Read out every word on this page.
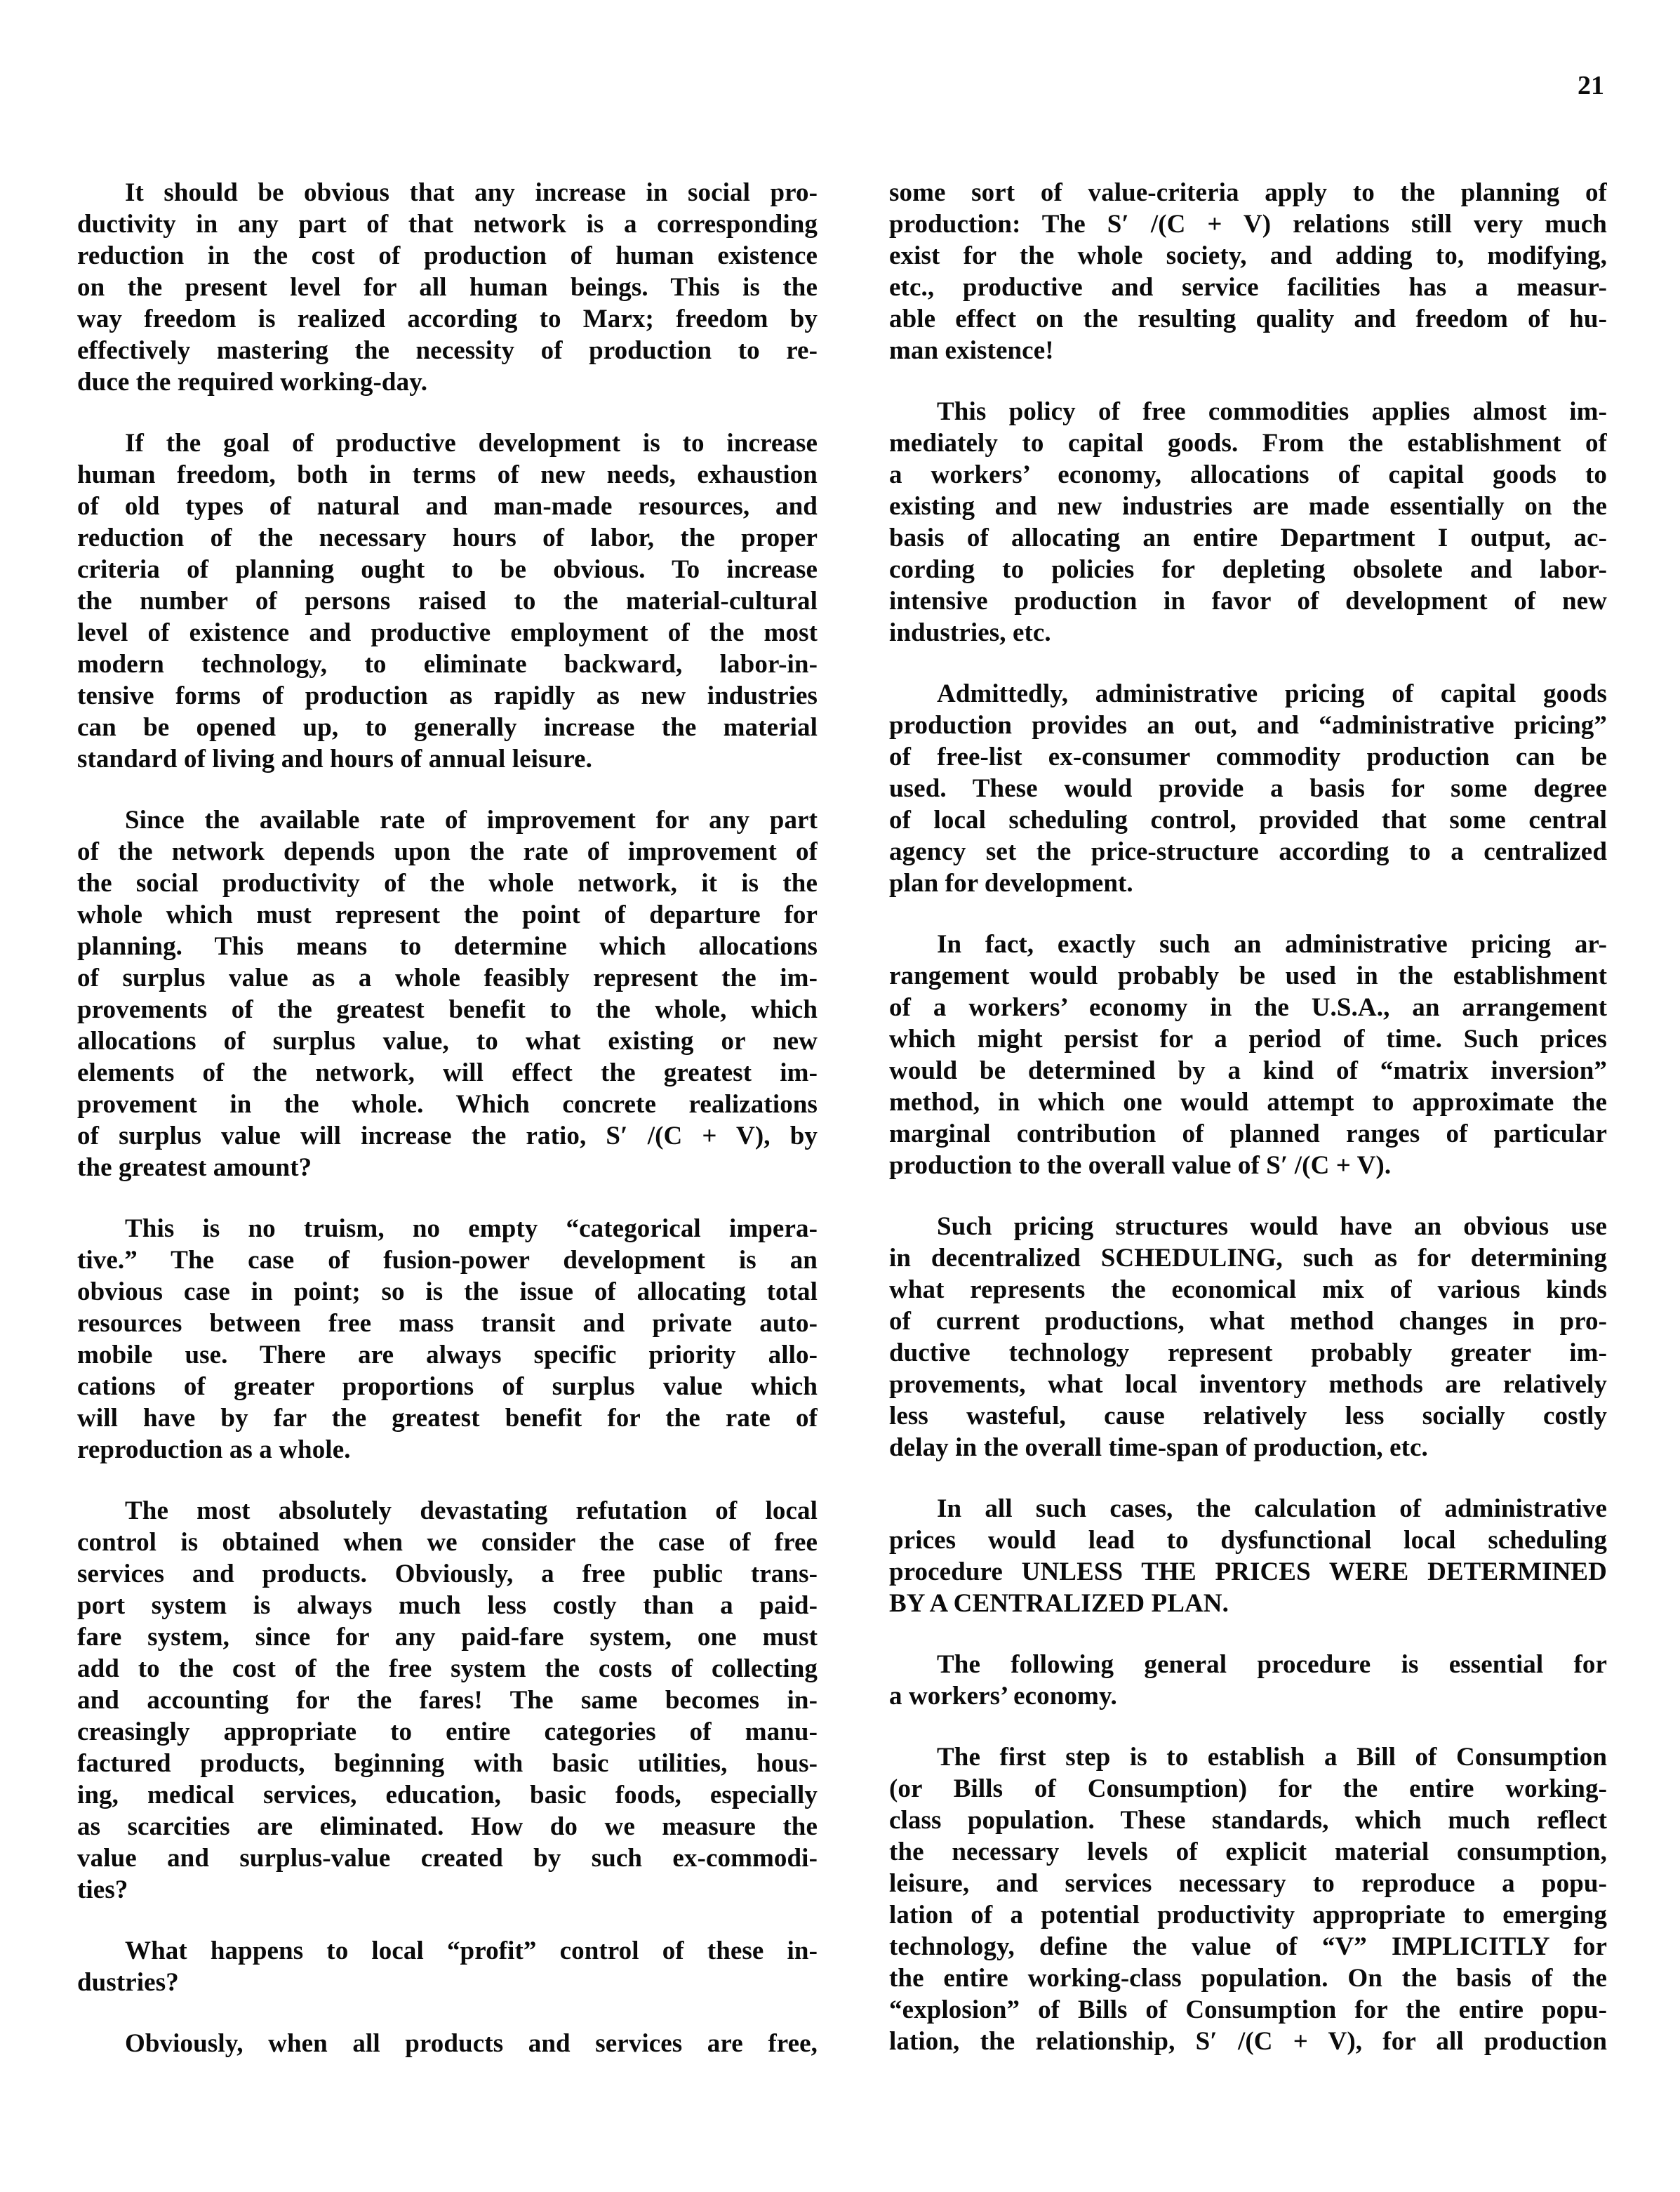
21
It should be obvious that any increase in social pro-
ductivity in any part of that network is a corresponding
reduction in the cost of production of human existence
on the present level for all human beings. This is the
way freedom is realized according to Marx; freedom by
effectively mastering the necessity of production to re-
duce the required working-day.
If the goal of productive development is to increase
human freedom, both in terms of new needs, exhaustion
of old types of natural and man-made resources, and
reduction of the necessary hours of labor, the proper
criteria of planning ought to be obvious. To increase
the number of persons raised to the material-cultural
level of existence and productive employment of the most
modern technology, to eliminate backward, labor-in-
tensive forms of production as rapidly as new industries
can be opened up, to generally increase the material
standard of living and hours of annual leisure.
Since the available rate of improvement for any part
of the network depends upon the rate of improvement of
the social productivity of the whole network, it is the
whole which must represent the point of departure for
planning. This means to determine which allocations
of surplus value as a whole feasibly represent the im-
provements of the greatest benefit to the whole, which
allocations of surplus value, to what existing or new
elements of the network, will effect the greatest im-
provement in the whole. Which concrete realizations
of surplus value will increase the ratio, S′ /(C + V), by
the greatest amount?
This is no truism, no empty “categorical impera-
tive.” The case of fusion-power development is an
obvious case in point; so is the issue of allocating total
resources between free mass transit and private auto-
mobile use. There are always specific priority allo-
cations of greater proportions of surplus value which
will have by far the greatest benefit for the rate of
reproduction as a whole.
The most absolutely devastating refutation of local
control is obtained when we consider the case of free
services and products. Obviously, a free public trans-
port system is always much less costly than a paid-
fare system, since for any paid-fare system, one must
add to the cost of the free system the costs of collecting
and accounting for the fares! The same becomes in-
creasingly appropriate to entire categories of manu-
factured products, beginning with basic utilities, hous-
ing, medical services, education, basic foods, especially
as scarcities are eliminated. How do we measure the
value and surplus-value created by such ex-commodi-
ties?
What happens to local “profit” control of these in-
dustries?
Obviously, when all products and services are free,
some sort of value-criteria apply to the planning of
production: The S′ /(C + V) relations still very much
exist for the whole society, and adding to, modifying,
etc., productive and service facilities has a measur-
able effect on the resulting quality and freedom of hu-
man existence!
This policy of free commodities applies almost im-
mediately to capital goods. From the establishment of
a workers’ economy, allocations of capital goods to
existing and new industries are made essentially on the
basis of allocating an entire Department I output, ac-
cording to policies for depleting obsolete and labor-
intensive production in favor of development of new
industries, etc.
Admittedly, administrative pricing of capital goods
production provides an out, and “administrative pricing”
of free-list ex-consumer commodity production can be
used. These would provide a basis for some degree
of local scheduling control, provided that some central
agency set the price-structure according to a centralized
plan for development.
In fact, exactly such an administrative pricing ar-
rangement would probably be used in the establishment
of a workers’ economy in the U.S.A., an arrangement
which might persist for a period of time. Such prices
would be determined by a kind of “matrix inversion”
method, in which one would attempt to approximate the
marginal contribution of planned ranges of particular
production to the overall value of S′ /(C + V).
Such pricing structures would have an obvious use
in decentralized SCHEDULING, such as for determining
what represents the economical mix of various kinds
of current productions, what method changes in pro-
ductive technology represent probably greater im-
provements, what local inventory methods are relatively
less wasteful, cause relatively less socially costly
delay in the overall time-span of production, etc.
In all such cases, the calculation of administrative
prices would lead to dysfunctional local scheduling
procedure UNLESS THE PRICES WERE DETERMINED
BY A CENTRALIZED PLAN.
The following general procedure is essential for
a workers’ economy.
The first step is to establish a Bill of Consumption
(or Bills of Consumption) for the entire working-
class population. These standards, which much reflect
the necessary levels of explicit material consumption,
leisure, and services necessary to reproduce a popu-
lation of a potential productivity appropriate to emerging
technology, define the value of “V” IMPLICITLY for
the entire working-class population. On the basis of the
“explosion” of Bills of Consumption for the entire popu-
lation, the relationship, S′ /(C + V), for all production
